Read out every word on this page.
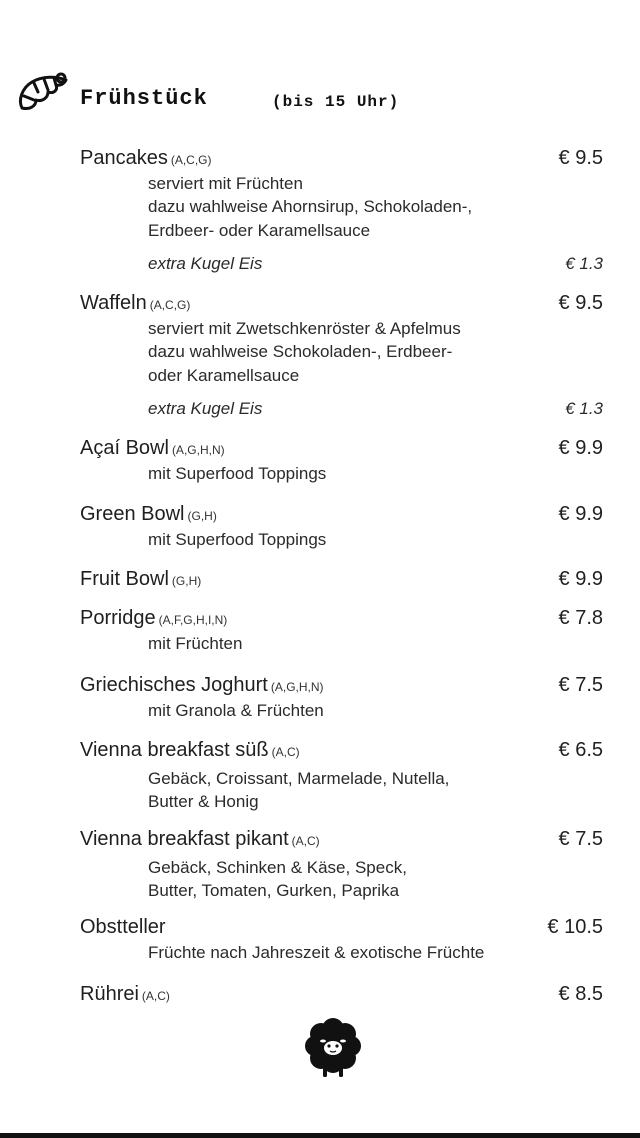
Frühstück	(bis 15 Uhr)
Pancakes (A,C,G)	€ 9.5
serviert mit Früchten
dazu wahlweise Ahornsirup, Schokoladen-,
Erdbeer- oder Karamellsauce
extra Kugel Eis	€ 1.3
Waffeln (A,C,G)	€ 9.5
serviert mit Zwetschkenröster & Apfelmus
dazu wahlweise Schokoladen-, Erdbeer-
oder Karamellsauce
extra Kugel Eis	€ 1.3
Açaí Bowl (A,G,H,N)	€ 9.9
mit Superfood Toppings
Green Bowl (G,H)	€ 9.9
mit Superfood Toppings
Fruit Bowl (G,H)	€ 9.9
Porridge (A,F,G,H,I,N)	€ 7.8
mit Früchten
Griechisches Joghurt (A,G,H,N)	€ 7.5
mit Granola & Früchten
Vienna breakfast süß (A,C)	€ 6.5
Gebäck, Croissant, Marmelade, Nutella,
Butter & Honig
Vienna breakfast pikant (A,C)	€ 7.5
Gebäck, Schinken & Käse, Speck,
Butter, Tomaten, Gurken, Paprika
Obstteller	€ 10.5
Früchte nach Jahreszeit & exotische Früchte
Rührei (A,C)	€ 8.5
